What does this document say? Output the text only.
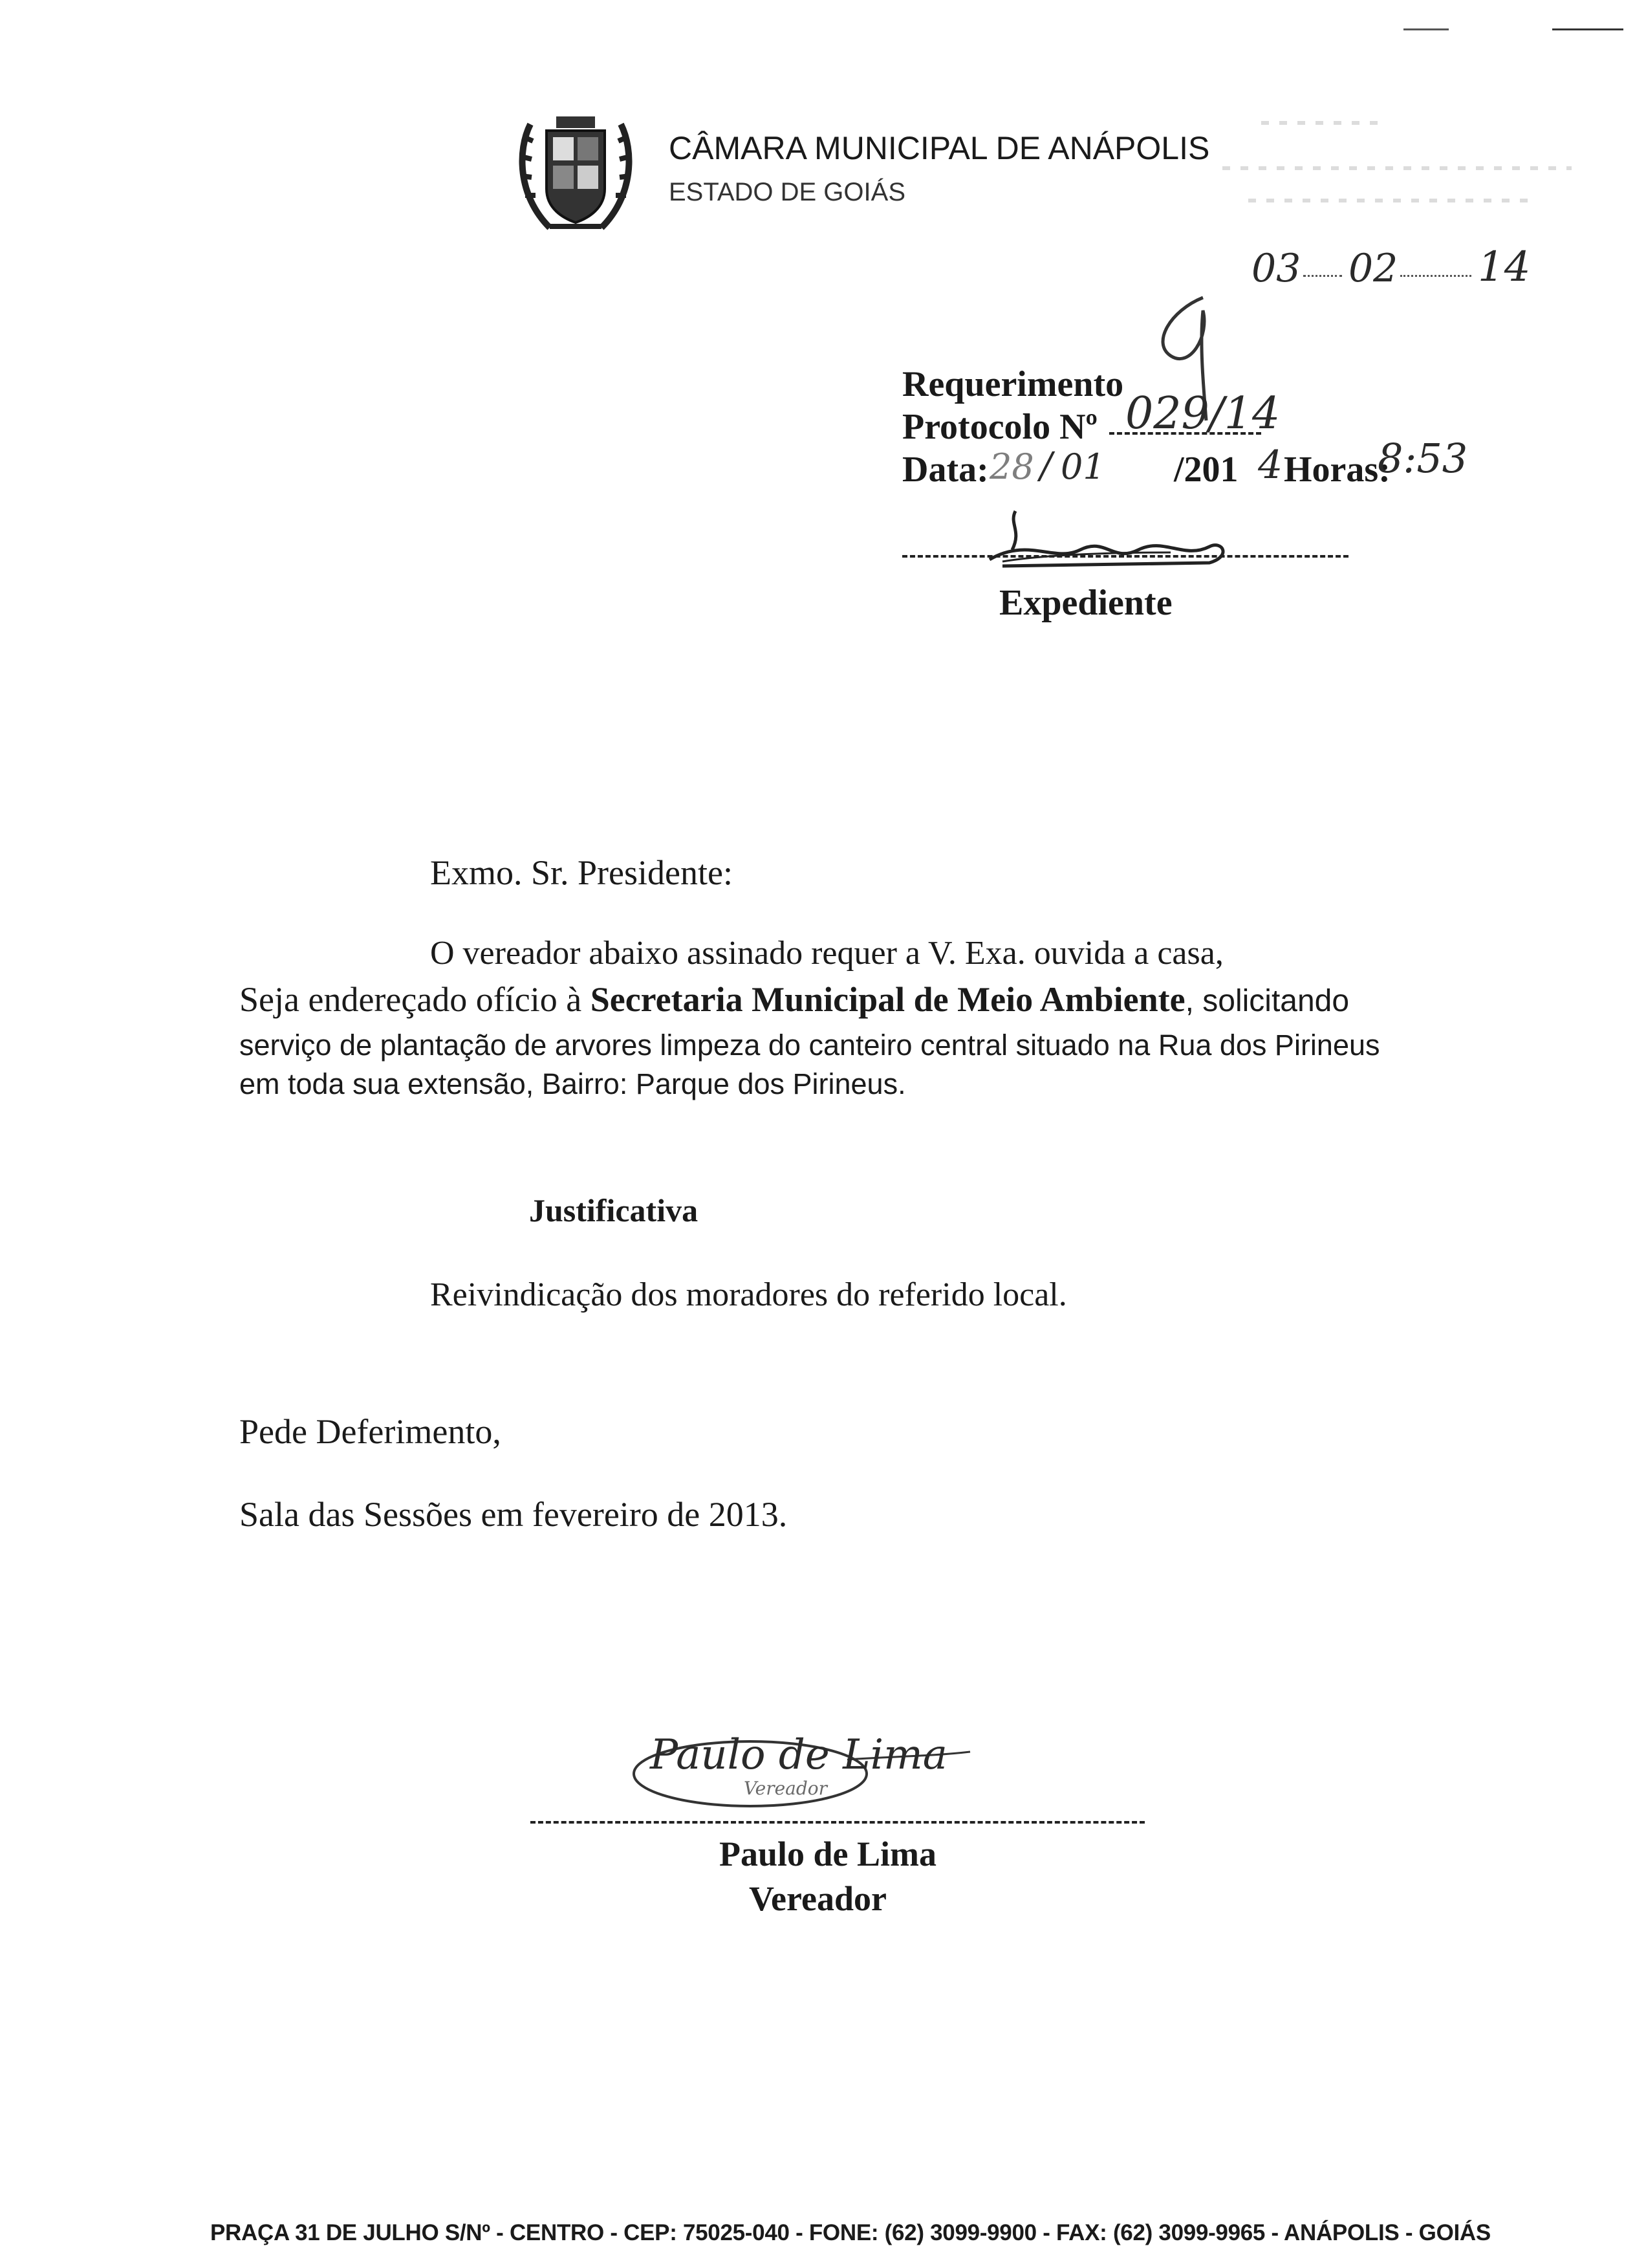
CÂMARA MUNICIPAL DE ANÁPOLIS
ESTADO DE GOIÁS
03 02 14
Requerimento
Protocolo Nº 029/14
Data: 28 / 01 /201 4 Horas:
8:53
Expediente
Exmo. Sr. Presidente:
O vereador abaixo assinado requer a V. Exa. ouvida a casa,
Seja endereçado ofício à Secretaria Municipal de Meio Ambiente, solicitando
serviço de plantação de arvores limpeza do canteiro central situado na Rua dos Pirineus
em toda sua extensão, Bairro: Parque dos Pirineus.
Justificativa
Reivindicação dos moradores do referido local.
Pede Deferimento,
Sala das Sessões em fevereiro de 2013.
Paulo de Lima
Vereador
Paulo de Lima
Vereador
PRAÇA 31 DE JULHO S/Nº - CENTRO - CEP: 75025-040 - FONE: (62) 3099-9900 - FAX: (62) 3099-9965 - ANÁPOLIS - GOIÁS
